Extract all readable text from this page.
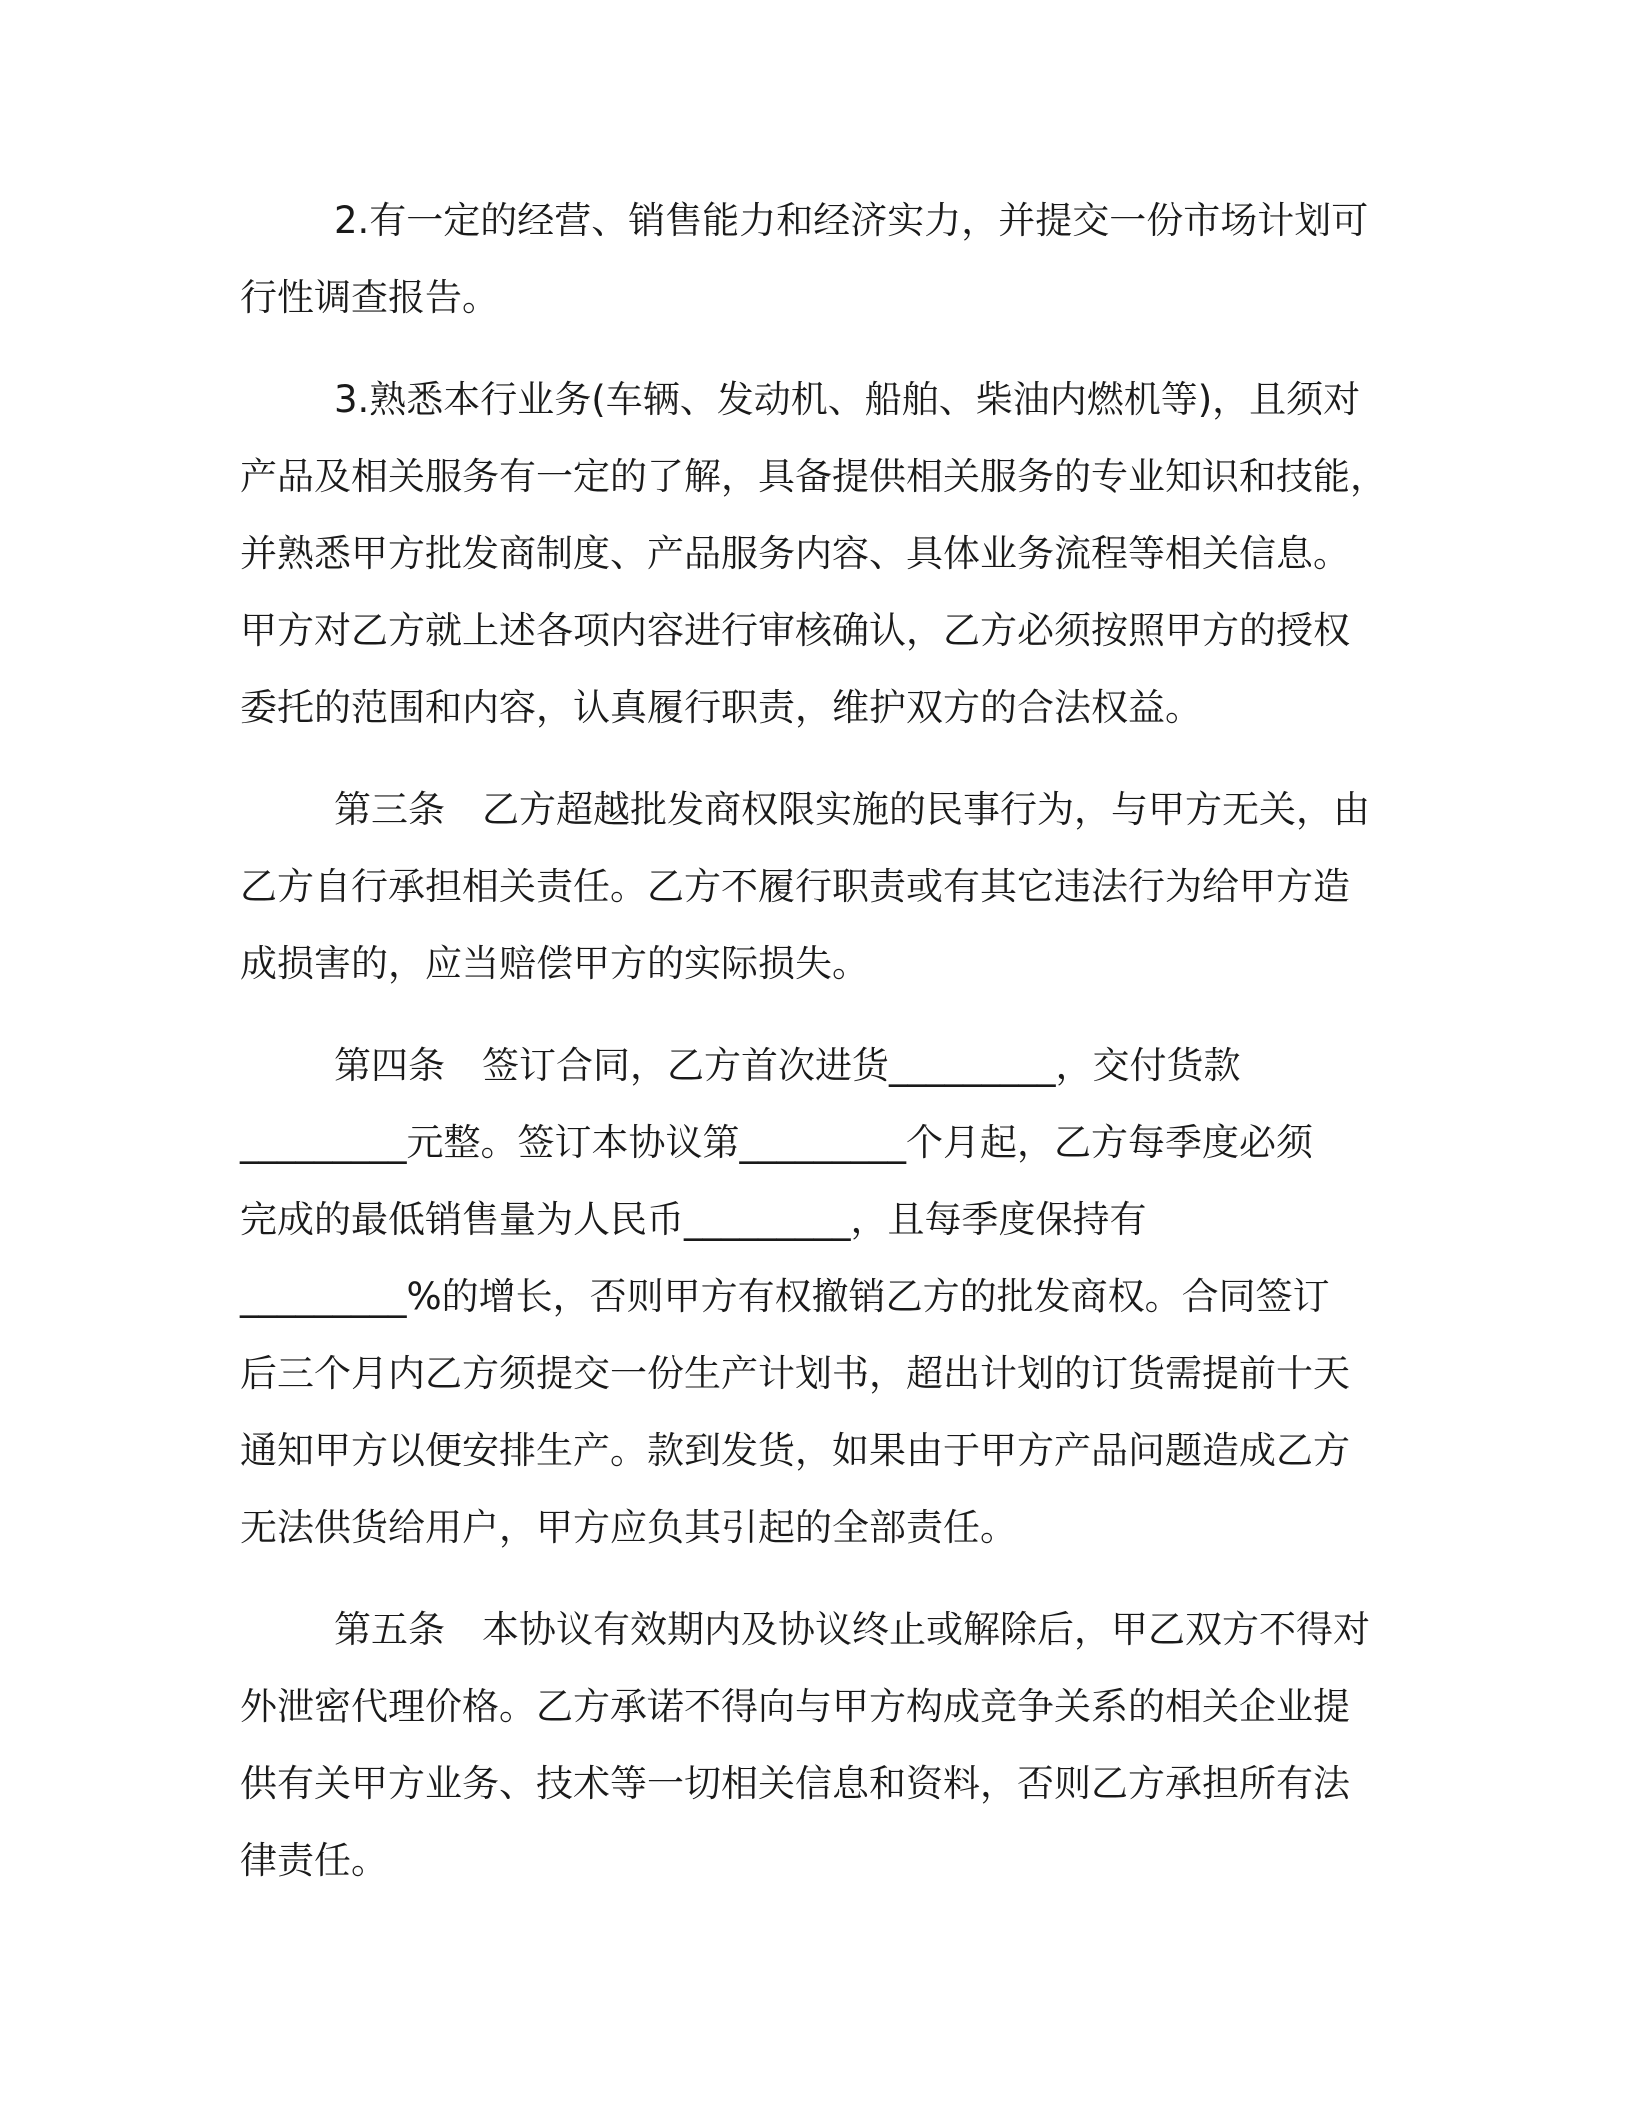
2.有一定的经营、销售能力和经济实力，并提交一份市场计划可
行性调查报告。

3.熟悉本行业务(车辆、发动机、船舶、柴油内燃机等)，且须对
产品及相关服务有一定的了解，具备提供相关服务的专业知识和技能，
并熟悉甲方批发商制度、产品服务内容、具体业务流程等相关信息。
甲方对乙方就上述各项内容进行审核确认，乙方必须按照甲方的授权
委托的范围和内容，认真履行职责，维护双方的合法权益。

第三条　乙方超越批发商权限实施的民事行为，与甲方无关，由
乙方自行承担相关责任。乙方不履行职责或有其它违法行为给甲方造
成损害的，应当赔偿甲方的实际损失。

第四条　签订合同，乙方首次进货_________，交付货款
_________元整。签订本协议第_________个月起，乙方每季度必须
完成的最低销售量为人民币_________，且每季度保持有
_________%的增长，否则甲方有权撤销乙方的批发商权。合同签订
后三个月内乙方须提交一份生产计划书，超出计划的订货需提前十天
通知甲方以便安排生产。款到发货，如果由于甲方产品问题造成乙方
无法供货给用户，甲方应负其引起的全部责任。

第五条　本协议有效期内及协议终止或解除后，甲乙双方不得对
外泄密代理价格。乙方承诺不得向与甲方构成竞争关系的相关企业提
供有关甲方业务、技术等一切相关信息和资料，否则乙方承担所有法
律责任。
